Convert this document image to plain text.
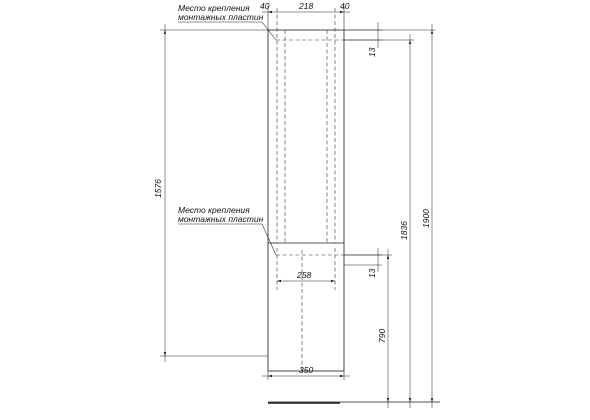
40	218	40
Место крепления
монтажных пластин
13
Место крепления
монтажных пластин
13
258
350
1576
1836
1900
790
